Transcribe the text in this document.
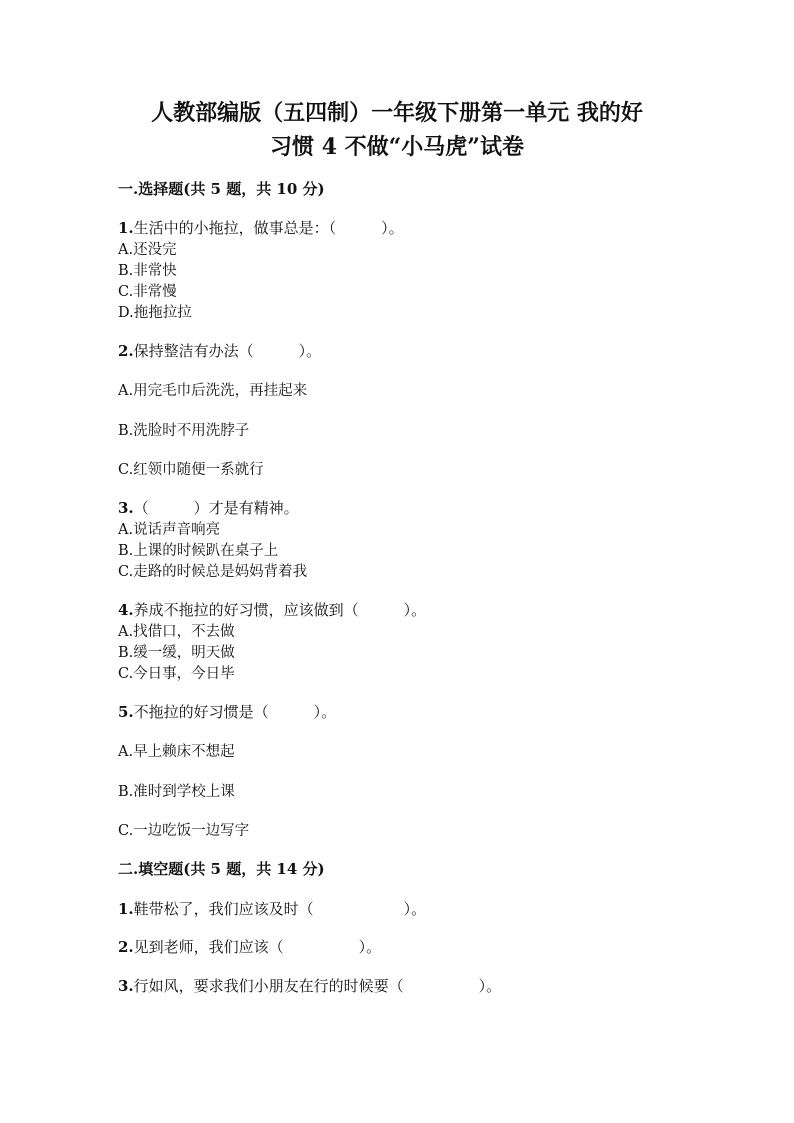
人教部编版（五四制）一年级下册第一单元 我的好
习惯 4 不做“小马虎”试卷
一.选择题(共 5 题，共 10 分)
1.生活中的小拖拉，做事总是：（　　　）。
A.还没完
B.非常快
C.非常慢
D.拖拖拉拉
2.保持整洁有办法（　　　）。
A.用完毛巾后洗洗，再挂起来
B.洗脸时不用洗脖子
C.红领巾随便一系就行
3.（　　　）才是有精神。
A.说话声音响亮
B.上课的时候趴在桌子上
C.走路的时候总是妈妈背着我
4.养成不拖拉的好习惯，应该做到（　　　）。
A.找借口，不去做
B.缓一缓，明天做
C.今日事，今日毕
5.不拖拉的好习惯是（　　　）。
A.早上赖床不想起
B.准时到学校上课
C.一边吃饭一边写字
二.填空题(共 5 题，共 14 分)
1.鞋带松了，我们应该及时（　　　　　　）。
2.见到老师，我们应该（　　　　　）。
3.行如风，要求我们小朋友在行的时候要（　　　　　）。
